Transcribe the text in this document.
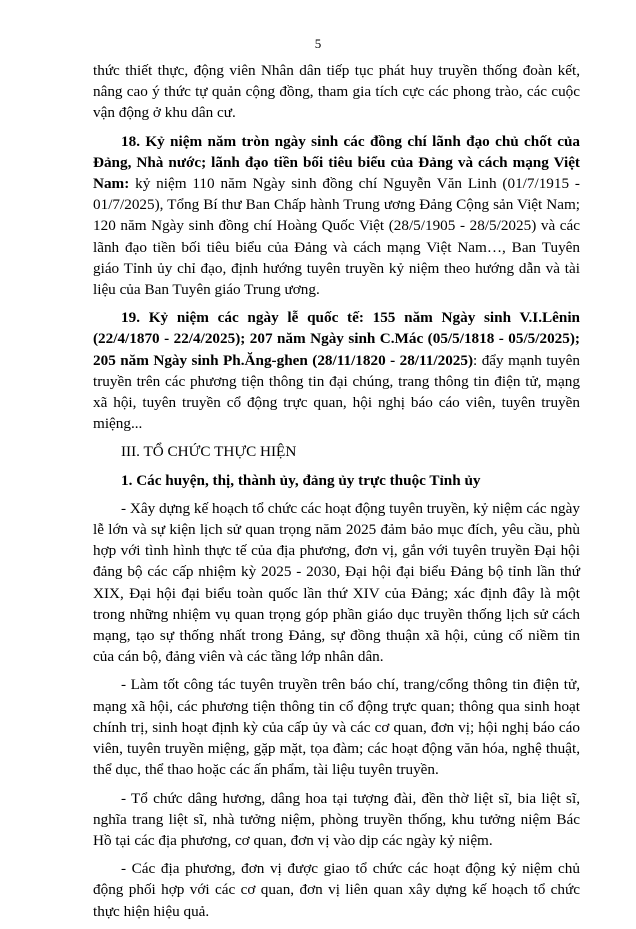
5

thức thiết thực, động viên Nhân dân tiếp tục phát huy truyền thống đoàn kết, nâng cao ý thức tự quản cộng đồng, tham gia tích cực các phong trào, các cuộc vận động ở khu dân cư.

18. Kỷ niệm năm tròn ngày sinh các đồng chí lãnh đạo chủ chốt của Đảng, Nhà nước; lãnh đạo tiền bối tiêu biểu của Đảng và cách mạng Việt Nam: kỷ niệm 110 năm Ngày sinh đồng chí Nguyễn Văn Linh (01/7/1915 - 01/7/2025), Tổng Bí thư Ban Chấp hành Trung ương Đảng Cộng sản Việt Nam; 120 năm Ngày sinh đồng chí Hoàng Quốc Việt (28/5/1905 - 28/5/2025) và các lãnh đạo tiền bối tiêu biểu của Đảng và cách mạng Việt Nam…, Ban Tuyên giáo Tỉnh ủy chỉ đạo, định hướng tuyên truyền kỷ niệm theo hướng dẫn và tài liệu của Ban Tuyên giáo Trung ương.

19. Kỷ niệm các ngày lễ quốc tế: 155 năm Ngày sinh V.I.Lênin (22/4/1870 - 22/4/2025); 207 năm Ngày sinh C.Mác (05/5/1818 - 05/5/2025); 205 năm Ngày sinh Ph.Ăng-ghen (28/11/1820 - 28/11/2025): đẩy mạnh tuyên truyền trên các phương tiện thông tin đại chúng, trang thông tin điện tử, mạng xã hội, tuyên truyền cổ động trực quan, hội nghị báo cáo viên, tuyên truyền miệng...

III. TỔ CHỨC THỰC HIỆN

1. Các huyện, thị, thành ủy, đảng ủy trực thuộc Tỉnh ủy

- Xây dựng kế hoạch tổ chức các hoạt động tuyên truyền, kỷ niệm các ngày lễ lớn và sự kiện lịch sử quan trọng năm 2025 đảm bảo mục đích, yêu cầu, phù hợp với tình hình thực tế của địa phương, đơn vị, gắn với tuyên truyền Đại hội đảng bộ các cấp nhiệm kỳ 2025 - 2030, Đại hội đại biểu Đảng bộ tỉnh lần thứ XIX, Đại hội đại biểu toàn quốc lần thứ XIV của Đảng; xác định đây là một trong những nhiệm vụ quan trọng góp phần giáo dục truyền thống lịch sử cách mạng, tạo sự thống nhất trong Đảng, sự đồng thuận xã hội, củng cố niềm tin của cán bộ, đảng viên và các tầng lớp nhân dân.

- Làm tốt công tác tuyên truyền trên báo chí, trang/cổng thông tin điện tử, mạng xã hội, các phương tiện thông tin cổ động trực quan; thông qua sinh hoạt chính trị, sinh hoạt định kỳ của cấp ủy và các cơ quan, đơn vị; hội nghị báo cáo viên, tuyên truyền miệng, gặp mặt, tọa đàm; các hoạt động văn hóa, nghệ thuật, thể dục, thể thao hoặc các ấn phẩm, tài liệu tuyên truyền.

- Tổ chức dâng hương, dâng hoa tại tượng đài, đền thờ liệt sĩ, bia liệt sĩ, nghĩa trang liệt sĩ, nhà tưởng niệm, phòng truyền thống, khu tưởng niệm Bác Hồ tại các địa phương, cơ quan, đơn vị vào dịp các ngày kỷ niệm.

- Các địa phương, đơn vị được giao tổ chức các hoạt động kỷ niệm chủ động phối hợp với các cơ quan, đơn vị liên quan xây dựng kế hoạch tổ chức thực hiện hiệu quả.
